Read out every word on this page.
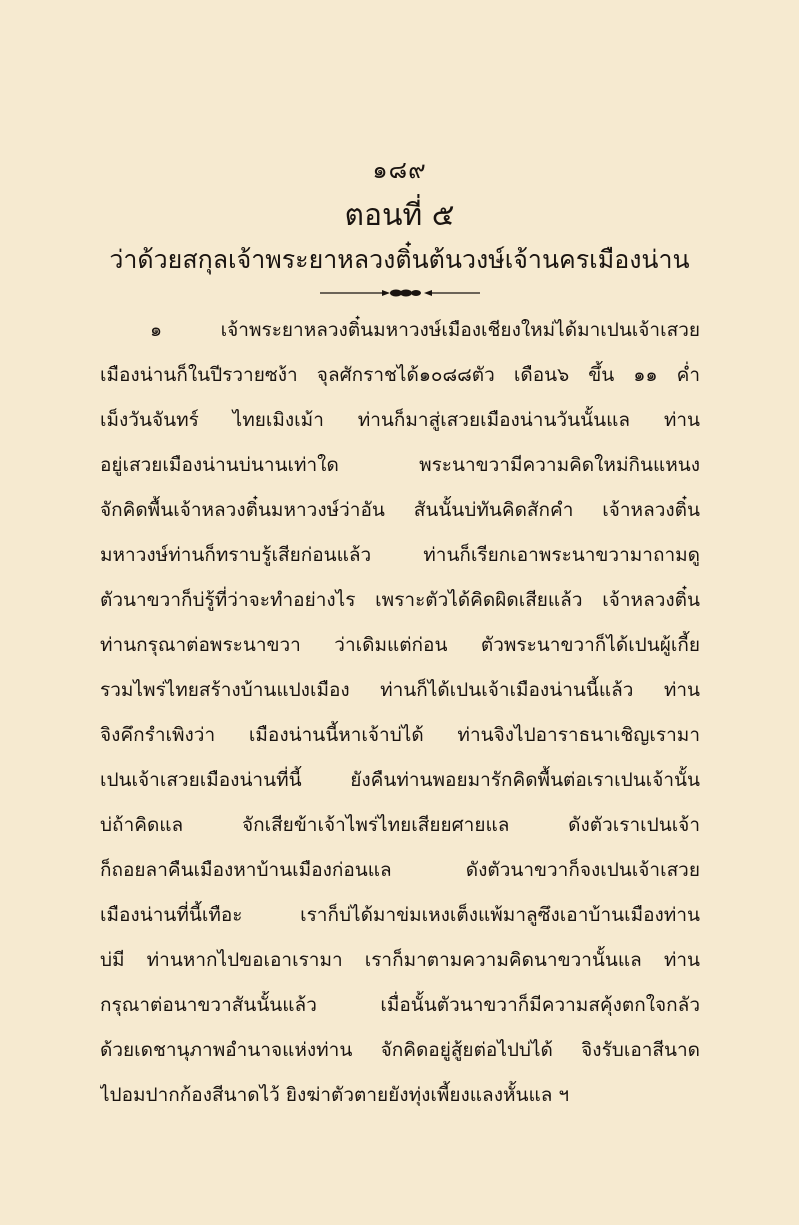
๑๘๙
ตอนที่ ๕
ว่าด้วยสกุลเจ้าพระยาหลวงติ๋นต้นวงษ์เจ้านครเมืองน่าน
๑ เจ้าพระยาหลวงติ๋นมหาวงษ์เมืองเชียงใหม่ได้มาเปนเจ้าเสวย
เมืองน่านก็ในปีรวายซง้า จุลศักราชได้๑๐๘๘ตัว เดือน๖ ขึ้น ๑๑ ค่ำ
เม็งวันจันทร์ ไทยเมิงเม้า ท่านก็มาสู่เสวยเมืองน่านวันนั้นแล ท่าน
อยู่เสวยเมืองน่านบ่นานเท่าใด พระนาขวามีความคิดใหม่กินแหนง
จักคิดพื้นเจ้าหลวงติ๋นมหาวงษ์ว่าอัน สันนั้นบ่ทันคิดสักคำ เจ้าหลวงติ๋น
มหาวงษ์ท่านก็ทราบรู้เสียก่อนแล้ว ท่านก็เรียกเอาพระนาขวามาถามดู
ตัวนาขวาก็บ่รู้ที่ว่าจะทำอย่างไร เพราะตัวได้คิดผิดเสียแล้ว เจ้าหลวงติ๋น
ท่านกรุณาต่อพระนาขวา ว่าเดิมแต่ก่อน ตัวพระนาขวาก็ได้เปนผู้เกี้ย
รวมไพร่ไทยสร้างบ้านแปงเมือง ท่านก็ได้เปนเจ้าเมืองน่านนี้แล้ว ท่าน
จิงคึกรำเพิงว่า เมืองน่านนี้หาเจ้าบ่ได้ ท่านจิงไปอาราธนาเชิญเรามา
เปนเจ้าเสวยเมืองน่านที่นี้ ยังคืนท่านพอยมารักคิดพื้นต่อเราเปนเจ้านั้น
บ่ถ้าคิดแล จักเสียข้าเจ้าไพร่ไทยเสียยศายแล ดังตัวเราเปนเจ้า
ก็ถอยลาคืนเมืองหาบ้านเมืองก่อนแล ดังตัวนาขวาก็จงเปนเจ้าเสวย
เมืองน่านที่นี้เทือะ เราก็บ่ได้มาข่มเหงเต็งแพ้มาลูซึงเอาบ้านเมืองท่าน
บ่มี ท่านหากไปขอเอาเรามา เราก็มาตามความคิดนาขวานั้นแล ท่าน
กรุณาต่อนาขวาสันนั้นแล้ว เมื่อนั้นตัวนาขวาก็มีความสคุ้งตกใจกลัว
ด้วยเดชานุภาพอำนาจแห่งท่าน จักคิดอยู่สู้ยต่อไปบ่ได้ จิงรับเอาสีนาด
ไปอมปากก้องสีนาดไว้ ยิงฆ่าตัวตายยังทุ่งเพี้ยงแลงหั้นแล ฯ
